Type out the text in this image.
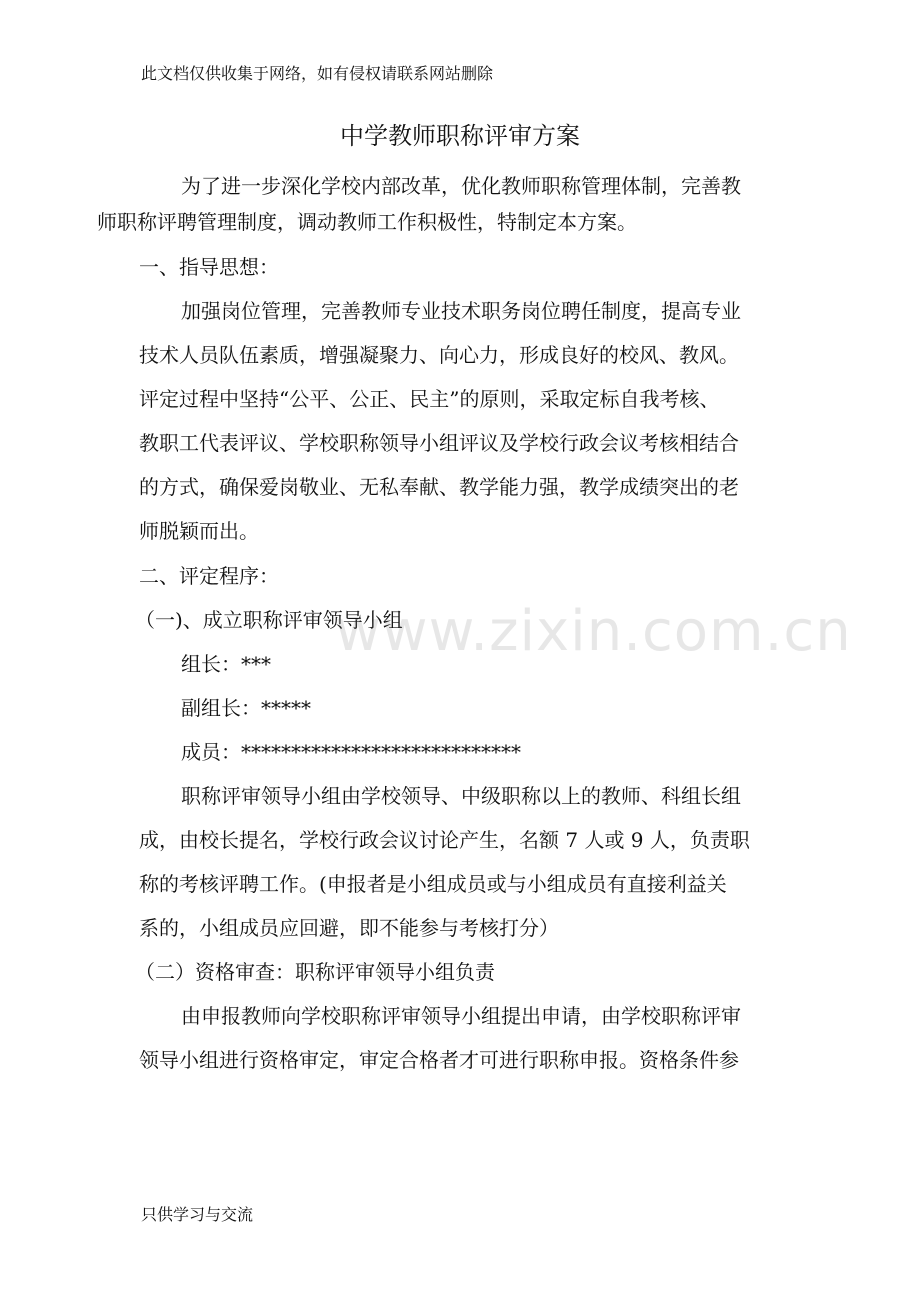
此文档仅供收集于网络，如有侵权请联系网站删除
中学教师职称评审方案

为了进一步深化学校内部改革，优化教师职称管理体制，完善教
师职称评聘管理制度，调动教师工作积极性，特制定本方案。

一、指导思想：

加强岗位管理，完善教师专业技术职务岗位聘任制度，提高专业
技术人员队伍素质，增强凝聚力、向心力，形成良好的校风、教风。
评定过程中坚持“公平、公正、民主”的原则，采取定标自我考核、
教职工代表评议、学校职称领导小组评议及学校行政会议考核相结合
的方式，确保爱岗敬业、无私奉献、教学能力强，教学成绩突出的老
师脱颖而出。

二、评定程序：
（一)、成立职称评审领导小组
组长：***
副组长：*****
成员：****************************

职称评审领导小组由学校领导、中级职称以上的教师、科组长组
成，由校长提名，学校行政会议讨论产生，名额 7 人或 9 人，负责职
称的考核评聘工作。(申报者是小组成员或与小组成员有直接利益关
系的，小组成员应回避，即不能参与考核打分）

（二）资格审查：职称评审领导小组负责

由申报教师向学校职称评审领导小组提出申请，由学校职称评审
领导小组进行资格审定，审定合格者才可进行职称申报。资格条件参

www.zixin.com.cn
只供学习与交流
